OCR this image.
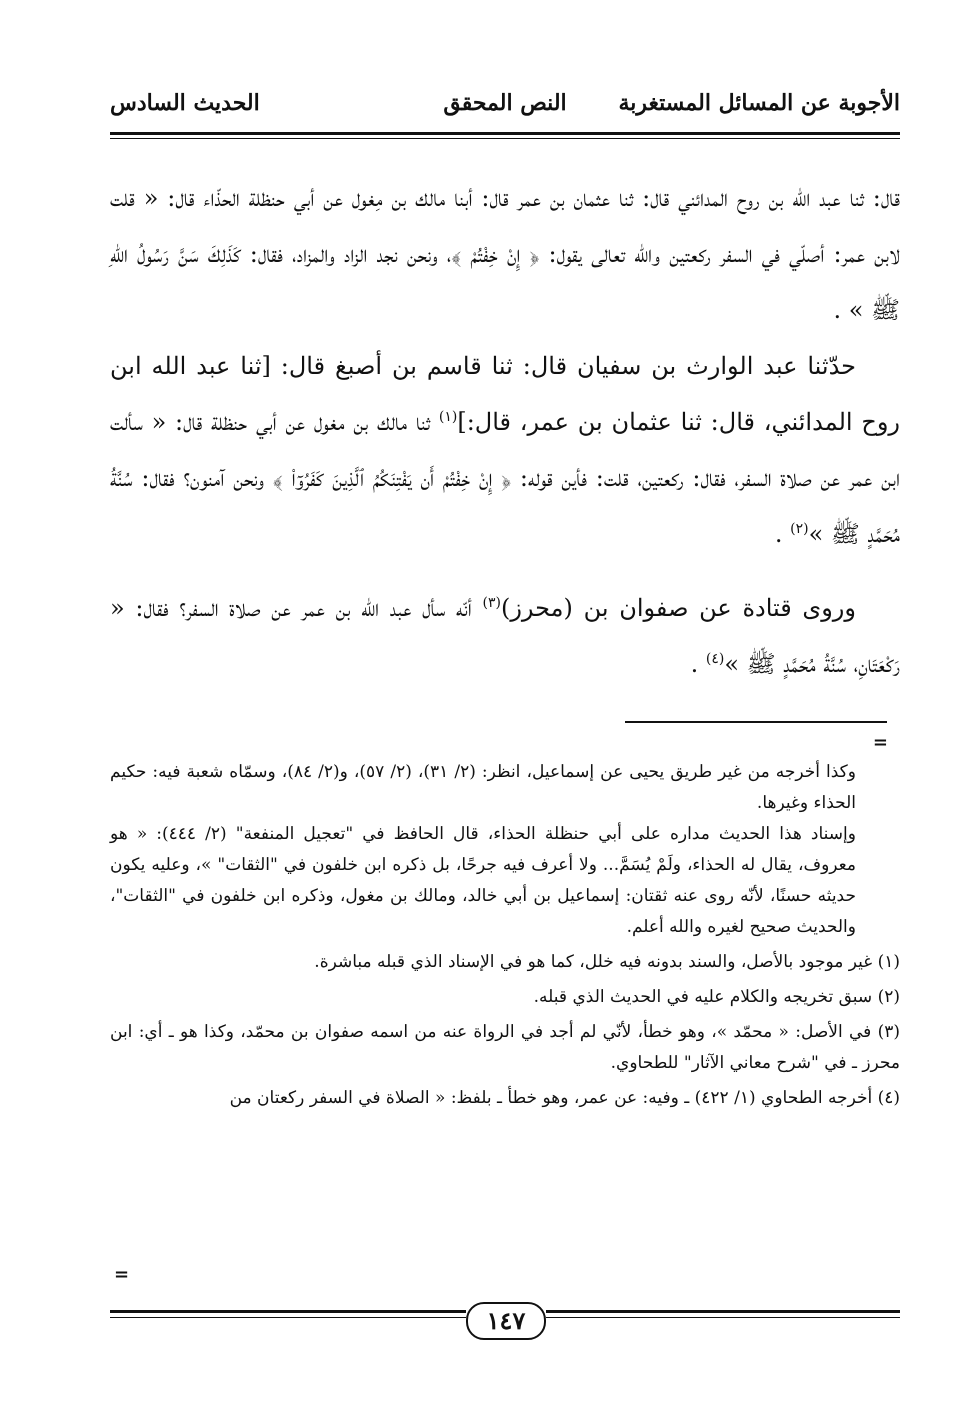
الأجوبة عن المسائل المستغربة
النص المحقق
الحديث السادس

قال: ثنا عبد الله بن روح المدائني قال: ثنا عثمان بن عمر قال: أبنا مالك بن مِغول عن أبي حنظلة الحذّاء قال: « قلت لابن عمر: أصلّي في السفر ركعتين والله تعالى يقول: ﴿ إِنْ خِفْتُمْ ﴾، ونحن نجد الزاد والمزاد، فقال: كَذَلِكَ سَنَّ رَسُولُ اللهِ ﷺ » .

حدّثنا عبد الوارث بن سفيان قال: ثنا قاسم بن أصبغ قال: [ثنا عبد الله ابن روح المدائني، قال: ثنا عثمان بن عمر، قال:]$^{(١)}$ ثنا مالك بن مغول عن أبي حنظلة قال: « سألت ابن عمر عن صلاة السفر، فقال: ركعتين، قلت: فأين قوله: ﴿ إِنْ خِفْتُمْ أَن يَفْتِنَكُمُ ٱلَّذِينَ كَفَرُوٓاْ ﴾ ونحن آمنون؟ فقال: سُنَّةُ مُحَمَّدٍ ﷺ »$^{(٢)}$ .

وروى قتادة عن صفوان بن (محرز)$^{(٣)}$ أنّه سأل عبد الله بن عمر عن صلاة السفر؟ فقال: « رَكْعَتَانِ، سُنَّةُ مُحَمَّدٍ ﷺ »$^{(٤)}$ .

=

وكذا أخرجه من غير طريق يحيى عن إسماعيل، انظر: (٢/ ٣١)، (٢/ ٥٧)، و(٢/ ٨٤)، وسمّاه شعبة فيه: حكيم الحذاء وغيرها.

وإسناد هذا الحديث مداره على أبي حنظلة الحذاء، قال الحافظ في "تعجيل المنفعة" (٢/ ٤٤٤): « هو معروف، يقال له الحذاء، ولَمْ يُسَمَّ... ولا أعرف فيه جرحًا، بل ذكره ابن خلفون في "الثقات" »، وعليه يكون حديثه حسنًا، لأنّه روى عنه ثقتان: إسماعيل بن أبي خالد، ومالك بن مغول، وذكره ابن خلفون في "الثقات"، والحديث صحيح لغيره والله أعلم.

(١) غير موجود بالأصل، والسند بدونه فيه خلل، كما هو في الإسناد الذي قبله مباشرة.

(٢) سبق تخريجه والكلام عليه في الحديث الذي قبله.

(٣) في الأصل: « محمّد »، وهو خطأ، لأنّي لم أجد في الرواة عنه من اسمه صفوان بن محمّد، وكذا هو ـ أي: ابن محرز ـ في "شرح معاني الآثار" للطحاوي.

(٤) أخرجه الطحاوي (١/ ٤٢٢) ـ وفيه: عن عمر، وهو خطأ ـ بلفظ: « الصلاة في السفر ركعتان من

=
١٤٧
